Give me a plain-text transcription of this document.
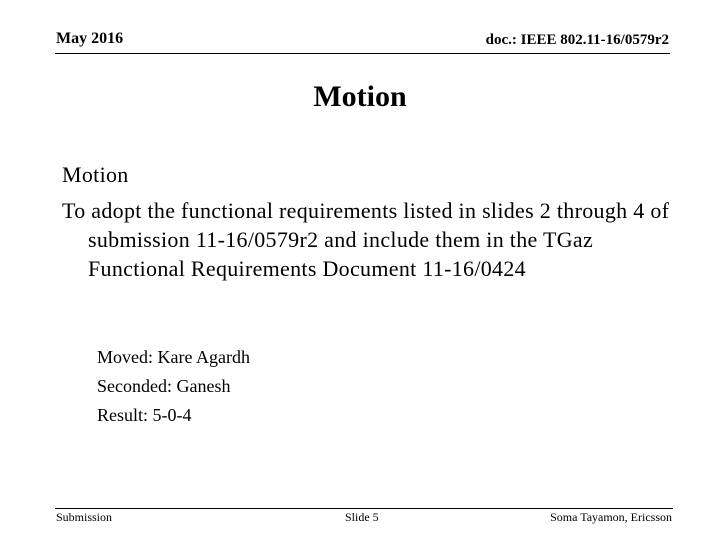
May 2016	doc.: IEEE 802.11-16/0579r2
Motion
Motion
To adopt the functional requirements listed in slides 2 through 4 of submission 11-16/0579r2 and include them in the TGaz Functional Requirements Document 11-16/0424
Moved: Kare Agardh
Seconded: Ganesh
Result: 5-0-4
Submission	Slide 5	Soma Tayamon, Ericsson
